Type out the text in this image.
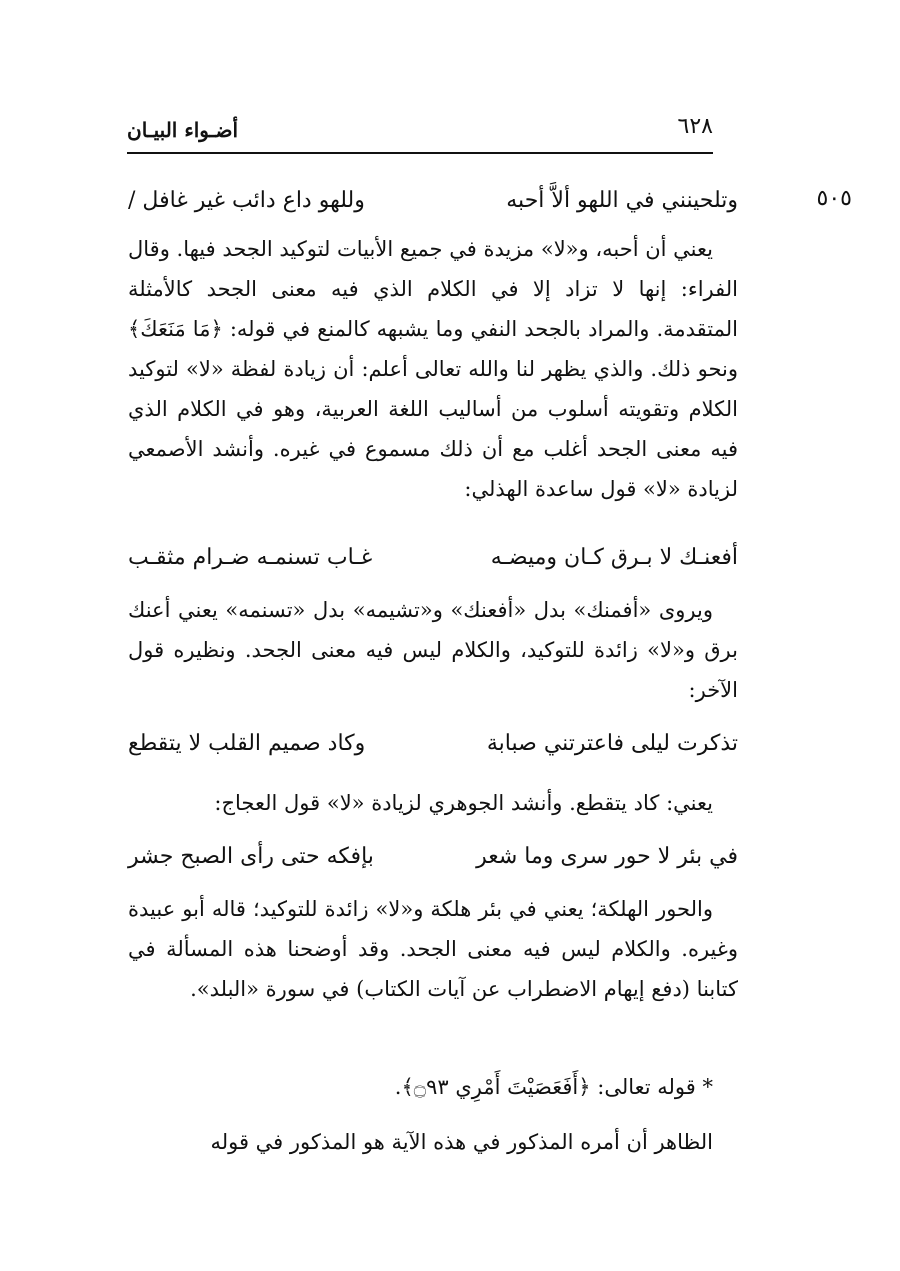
٦٢٨
أضـواء البيـان
٥٠٥
وتلحينني في اللهو ألاَّ أحبه
وللهو داع دائب غير غافل /
يعني أن أحبه، و«لا» مزيدة في جميع الأبيات لتوكيد الجحد فيها. وقال الفراء: إنها لا تزاد إلا في الكلام الذي فيه معنى الجحد كالأمثلة المتقدمة. والمراد بالجحد النفي وما يشبهه كالمنع في قوله: ﴿مَا مَنَعَكَ﴾ ونحو ذلك. والذي يظهر لنا والله تعالى أعلم: أن زيادة لفظة «لا» لتوكيد الكلام وتقويته أسلوب من أساليب اللغة العربية، وهو في الكلام الذي فيه معنى الجحد أغلب مع أن ذلك مسموع في غيره. وأنشد الأصمعي لزيادة «لا» قول ساعدة الهذلي:
أفعنـك لا بـرق كـان وميضـه
غـاب تسنمـه ضـرام مثقـب
ويروى «أفمنك» بدل «أفعنك» و«تشيمه» بدل «تسنمه» يعني أعنك برق و«لا» زائدة للتوكيد، والكلام ليس فيه معنى الجحد. ونظيره قول الآخر:
تذكرت ليلى فاعترتني صبابة
وكاد صميم القلب لا يتقطع
يعني: كاد يتقطع. وأنشد الجوهري لزيادة «لا» قول العجاج:
في بئر لا حور سرى وما شعر
بإفكه حتى رأى الصبح جشر
والحور الهلكة؛ يعني في بئر هلكة و«لا» زائدة للتوكيد؛ قاله أبو عبيدة وغيره. والكلام ليس فيه معنى الجحد. وقد أوضحنا هذه المسألة في كتابنا (دفع إيهام الاضطراب عن آيات الكتاب) في سورة «البلد».
* قوله تعالى: ﴿أَفَعَصَيْتَ أَمْرِي ۝٩٣﴾.
الظاهر أن أمره المذكور في هذه الآية هو المذكور في قوله
